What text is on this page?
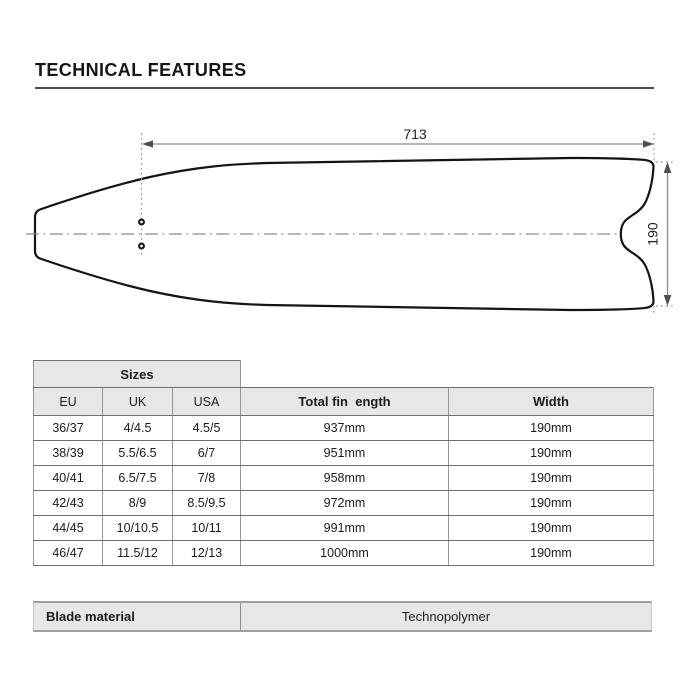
TECHNICAL FEATURES
713
190
Sizes				
EU	UK	USA	Total fin  ength	Width
36/37	4/4.5	4.5/5	937mm	190mm
38/39	5.5/6.5	6/7	951mm	190mm
40/41	6.5/7.5	7/8	958mm	190mm
42/43	8/9	8.5/9.5	972mm	190mm
44/45	10/10.5	10/11	991mm	190mm
46/47	11.5/12	12/13	1000mm	190mm
Blade material	Technopolymer
